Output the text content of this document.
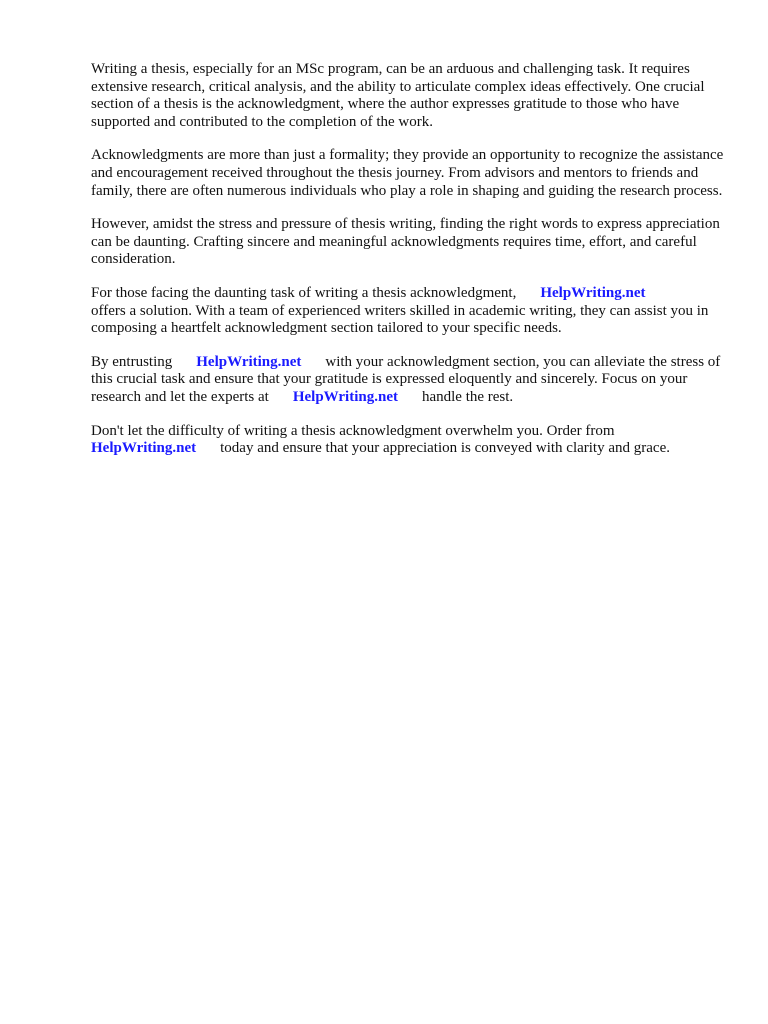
Writing a thesis, especially for an MSc program, can be an arduous and challenging task. It requires extensive research, critical analysis, and the ability to articulate complex ideas effectively. One crucial section of a thesis is the acknowledgment, where the author expresses gratitude to those who have supported and contributed to the completion of the work.

Acknowledgments are more than just a formality; they provide an opportunity to recognize the assistance and encouragement received throughout the thesis journey. From advisors and mentors to friends and family, there are often numerous individuals who play a role in shaping and guiding the research process.

However, amidst the stress and pressure of thesis writing, finding the right words to express appreciation can be daunting. Crafting sincere and meaningful acknowledgments requires time, effort, and careful consideration.

For those facing the daunting task of writing a thesis acknowledgment, HelpWriting.net
offers a solution. With a team of experienced writers skilled in academic writing, they can assist you in composing a heartfelt acknowledgment section tailored to your specific needs.

By entrusting HelpWriting.net with your acknowledgment section, you can alleviate the stress of this crucial task and ensure that your gratitude is expressed eloquently and sincerely. Focus on your research and let the experts at HelpWriting.net handle the rest.

Don't let the difficulty of writing a thesis acknowledgment overwhelm you. Order from
HelpWriting.net today and ensure that your appreciation is conveyed with clarity and grace.
